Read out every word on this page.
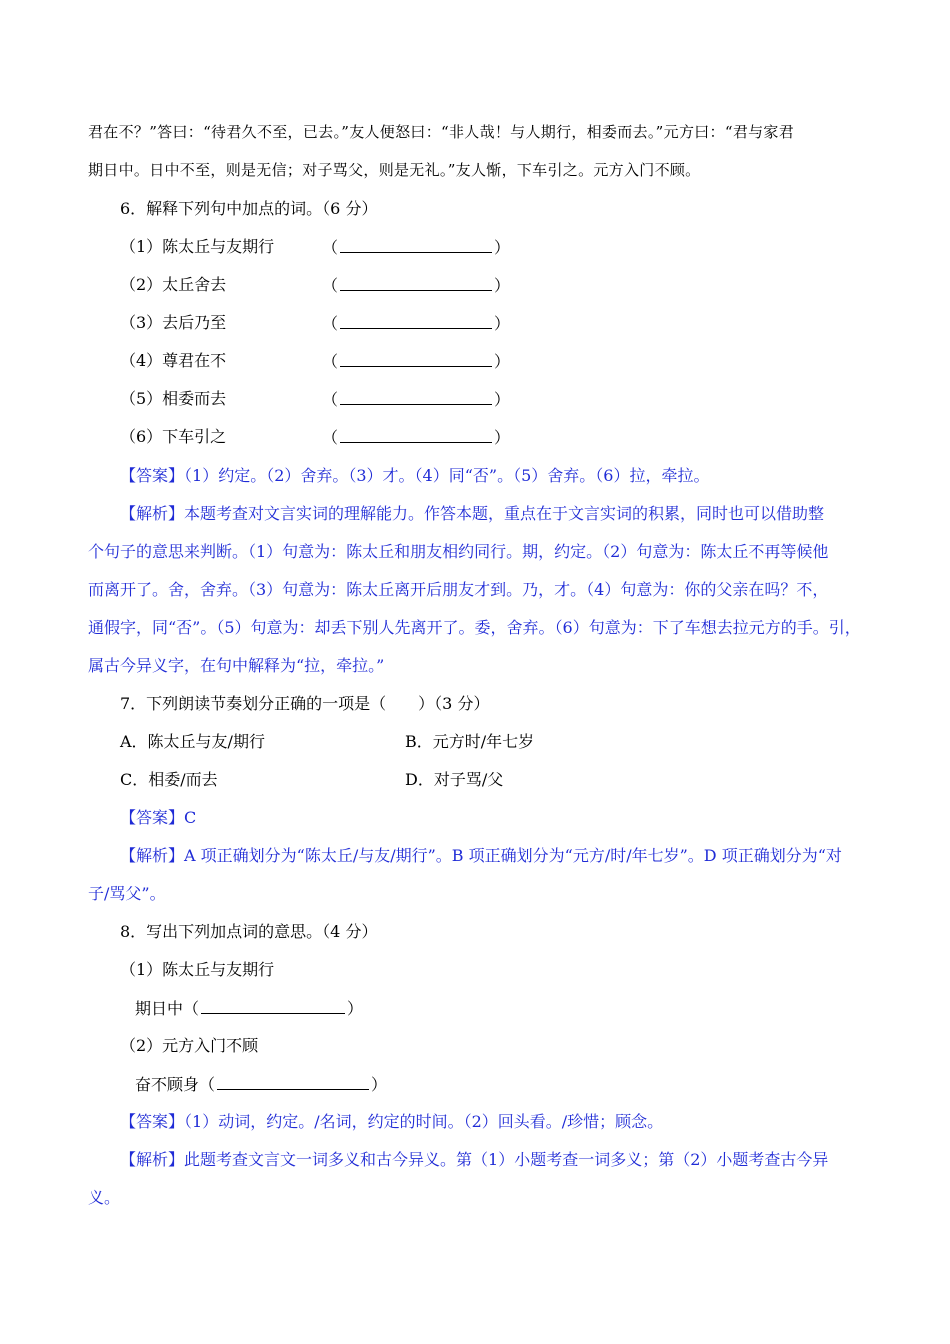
君在不？”答曰：“待君久不至，已去。”友人便怒曰：“非人哉！与人期行，相委而去。”元方曰：“君与家君
期日中。日中不至，则是无信；对子骂父，则是无礼。”友人惭，下车引之。元方入门不顾。
6．解释下列句中加点的词。（6 分）
（1）陈太丘与友期行	（	）
（2）太丘舍去	（	）
（3）去后乃至	（	）
（4）尊君在不	（	）
（5）相委而去	（	）
（6）下车引之	（	）
【答案】（1）约定。（2）舍弃。（3）才。（4）同“否”。（5）舍弃。（6）拉，牵拉。
【解析】本题考查对文言实词的理解能力。作答本题，重点在于文言实词的积累，同时也可以借助整
个句子的意思来判断。（1）句意为：陈太丘和朋友相约同行。期，约定。（2）句意为：陈太丘不再等候他
而离开了。舍，舍弃。（3）句意为：陈太丘离开后朋友才到。乃，才。（4）句意为：你的父亲在吗？不，
通假字，同“否”。（5）句意为：却丢下别人先离开了。委，舍弃。（6）句意为：下了车想去拉元方的手。引，
属古今异义字，在句中解释为“拉，牵拉。”
7．下列朗读节奏划分正确的一项是（　　）（3 分）
A．陈太丘与友/期行	B．元方时/年七岁
C．相委/而去	D．对子骂/父
【答案】C
【解析】A 项正确划分为“陈太丘/与友/期行”。B 项正确划分为“元方/时/年七岁”。D 项正确划分为“对
子/骂父”。
8．写出下列加点词的意思。（4 分）
（1）陈太丘与友期行
期日中（	）
（2）元方入门不顾
奋不顾身（	）
【答案】（1）动词，约定。/名词，约定的时间。（2）回头看。/珍惜；顾念。
【解析】此题考查文言文一词多义和古今异义。第（1）小题考查一词多义；第（2）小题考查古今异
义。
